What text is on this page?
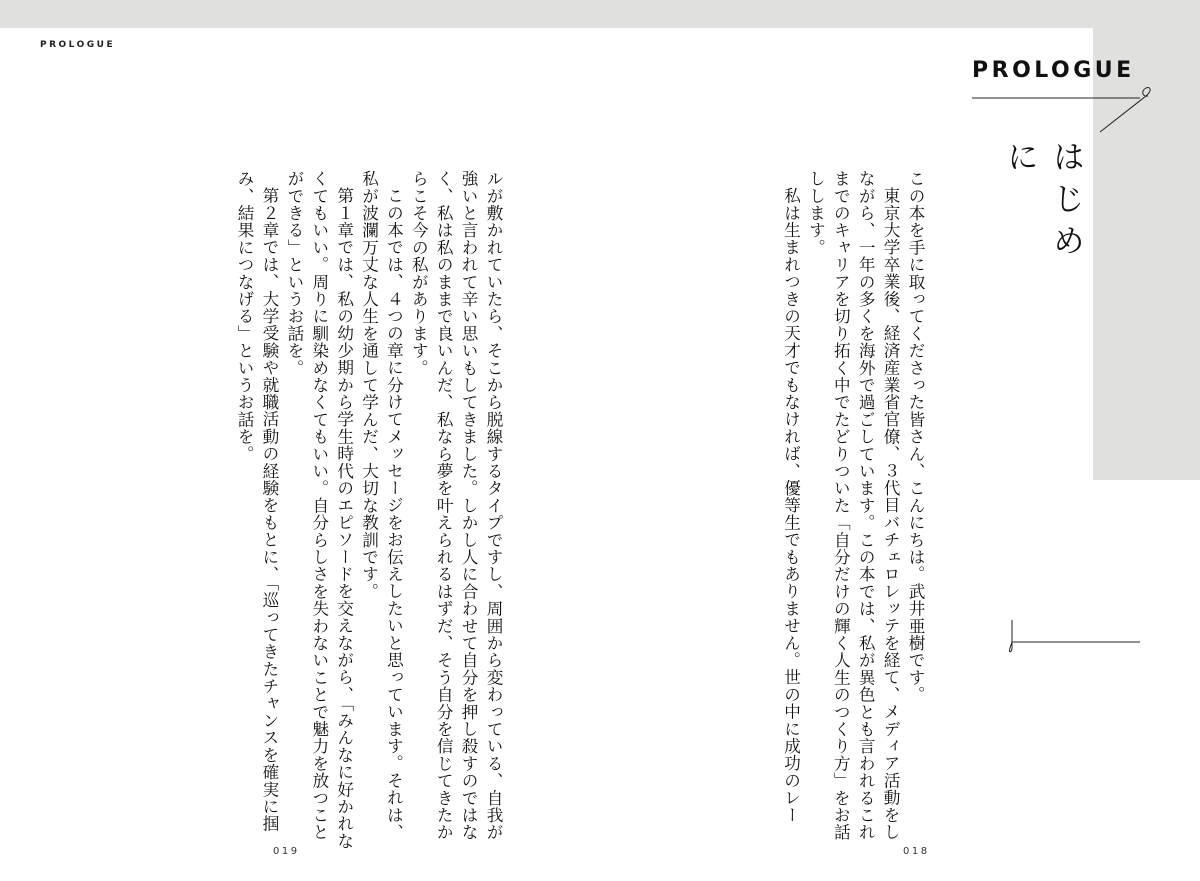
PROLOGUE
PROLOGUE
はじめに

この本を手に取ってくださった皆さん、こんにちは。武井亜樹です。

東京大学卒業後、経済産業省官僚、３代目バチェロレッテを経て、メディア活動をしながら、一年の多くを海外で過ごしています。この本では、私が異色とも言われるこれまでのキャリアを切り拓く中でたどりついた「自分だけの輝く人生のつくり方」をお話しします。

私は生まれつきの天才でもなければ、優等生でもありません。世の中に成功のレー

ルが敷かれていたら、そこから脱線するタイプですし、周囲から変わっている、自我が強いと言われて辛い思いもしてきました。しかし人に合わせて自分を押し殺すのではなく、私は私のままで良いんだ、私なら夢を叶えられるはずだ、そう自分を信じてきたからこそ今の私があります。

この本では、４つの章に分けてメッセージをお伝えしたいと思っています。それは、私が波瀾万丈な人生を通して学んだ、大切な教訓です。

第１章では、私の幼少期から学生時代のエピソードを交えながら、「みんなに好かれなくてもいい。周りに馴染めなくてもいい。自分らしさを失わないことで魅力を放つことができる」というお話を。

第２章では、大学受験や就職活動の経験をもとに、「巡ってきたチャンスを確実に掴み、結果につなげる」というお話を。

018
019
